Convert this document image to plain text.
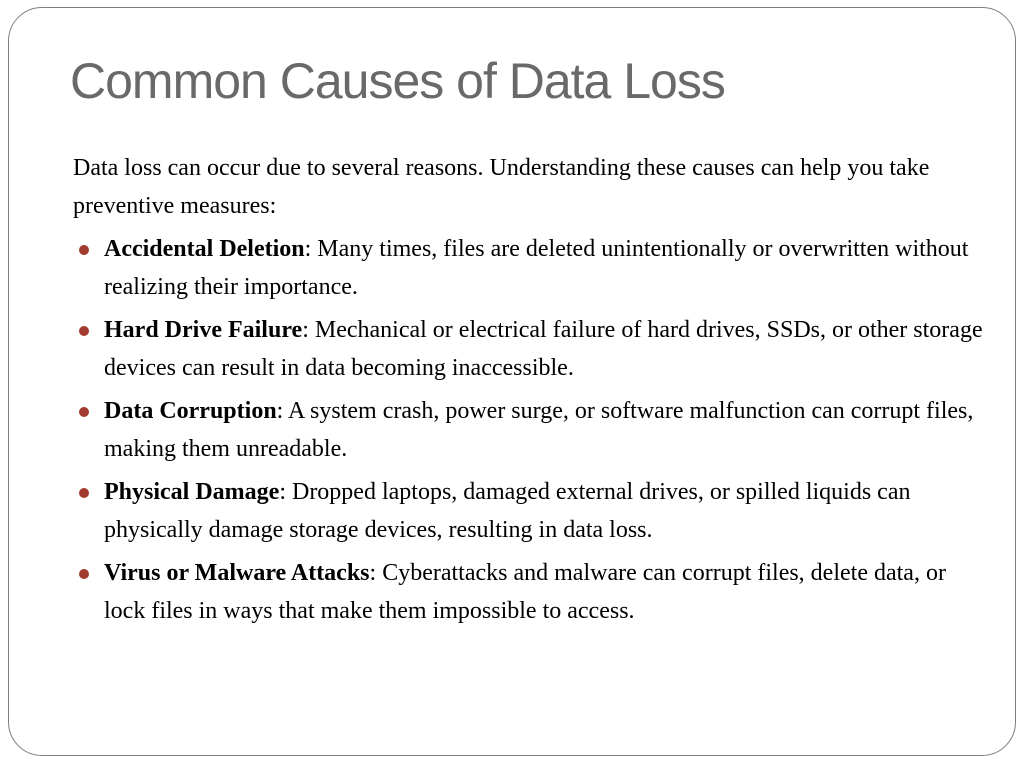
Common Causes of Data Loss

Data loss can occur due to several reasons. Understanding these causes can help you take preventive measures:

Accidental Deletion: Many times, files are deleted unintentionally or overwritten without realizing their importance.
Hard Drive Failure: Mechanical or electrical failure of hard drives, SSDs, or other storage devices can result in data becoming inaccessible.
Data Corruption: A system crash, power surge, or software malfunction can corrupt files, making them unreadable.
Physical Damage: Dropped laptops, damaged external drives, or spilled liquids can physically damage storage devices, resulting in data loss.
Virus or Malware Attacks: Cyberattacks and malware can corrupt files, delete data, or lock files in ways that make them impossible to access.
